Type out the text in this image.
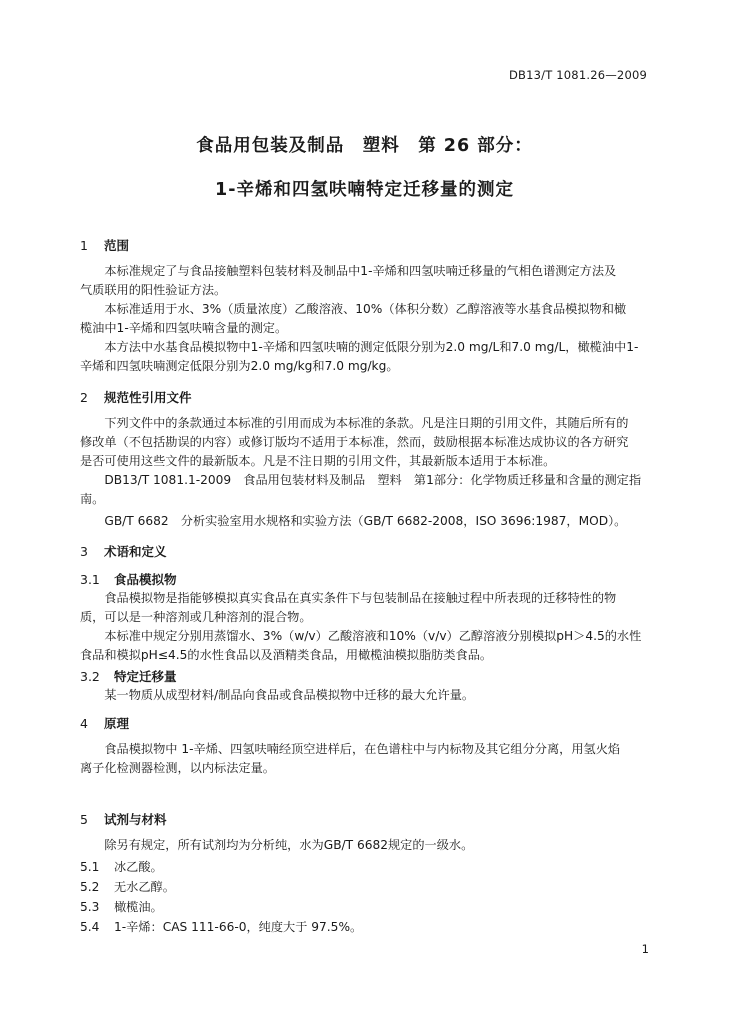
DB13/T 1081.26—2009
食品用包装及制品　塑料　第 26 部分：
1-辛烯和四氢呋喃特定迁移量的测定
1 范围
　　本标准规定了与食品接触塑料包装材料及制品中1-辛烯和四氢呋喃迁移量的气相色谱测定方法及
气质联用的阳性验证方法。
　　本标准适用于水、3%（质量浓度）乙酸溶液、10%（体积分数）乙醇溶液等水基食品模拟物和橄
榄油中1-辛烯和四氢呋喃含量的测定。
　　本方法中水基食品模拟物中1-辛烯和四氢呋喃的测定低限分别为2.0 mg/L和7.0 mg/L，橄榄油中1-
辛烯和四氢呋喃测定低限分别为2.0 mg/kg和7.0 mg/kg。
2 规范性引用文件
　　下列文件中的条款通过本标准的引用而成为本标准的条款。凡是注日期的引用文件，其随后所有的
修改单（不包括勘误的内容）或修订版均不适用于本标准，然而，鼓励根据本标准达成协议的各方研究
是否可使用这些文件的最新版本。凡是不注日期的引用文件，其最新版本适用于本标准。
　　DB13/T 1081.1-2009　食品用包装材料及制品　塑料　第1部分：化学物质迁移量和含量的测定指
南。
　　GB/T 6682　分析实验室用水规格和实验方法（GB/T 6682-2008，ISO 3696:1987，MOD）。
3 术语和定义
3.1 食品模拟物
　　食品模拟物是指能够模拟真实食品在真实条件下与包装制品在接触过程中所表现的迁移特性的物
质，可以是一种溶剂或几种溶剂的混合物。
　　本标准中规定分别用蒸馏水、3%（w/v）乙酸溶液和10%（v/v）乙醇溶液分别模拟pH＞4.5的水性
食品和模拟pH≤4.5的水性食品以及酒精类食品，用橄榄油模拟脂肪类食品。
3.2 特定迁移量
　　某一物质从成型材料/制品向食品或食品模拟物中迁移的最大允许量。
4 原理
　　食品模拟物中 1-辛烯、四氢呋喃经顶空进样后，在色谱柱中与内标物及其它组分分离，用氢火焰
离子化检测器检测，以内标法定量。
5 试剂与材料
　　除另有规定，所有试剂均为分析纯，水为GB/T 6682规定的一级水。
5.1 冰乙酸。
5.2 无水乙醇。
5.3 橄榄油。
5.4 1-辛烯：CAS 111-66-0，纯度大于 97.5%。
1
